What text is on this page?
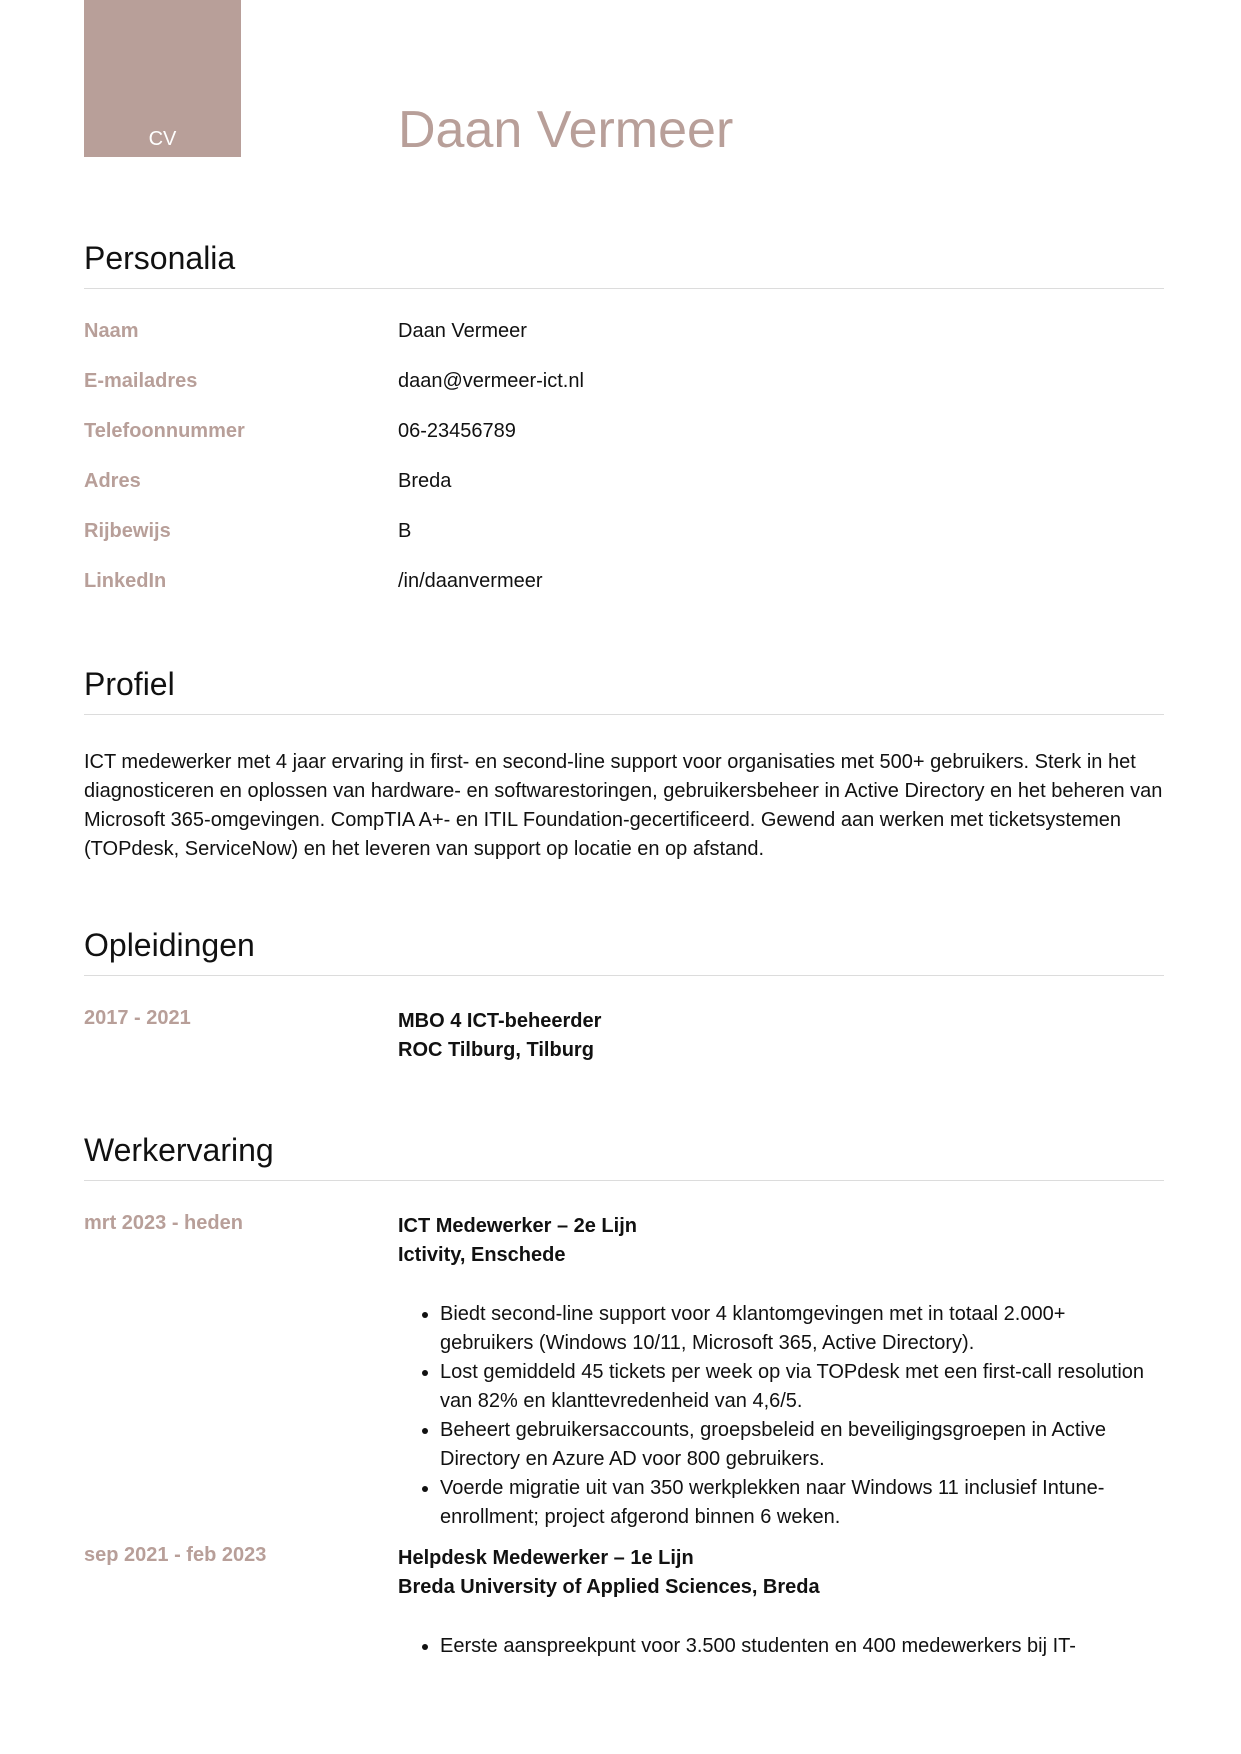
CV	Daan Vermeer
Personalia
Naam	Daan Vermeer
E-mailadres	daan@vermeer-ict.nl
Telefoonnummer	06-23456789
Adres	Breda
Rijbewijs	B
LinkedIn	/in/daanvermeer
Profiel

ICT medewerker met 4 jaar ervaring in first- en second-line support voor organisaties met 500+ gebruikers. Sterk in het diagnosticeren en oplossen van hardware- en softwarestoringen, gebruikersbeheer in Active Directory en het beheren van Microsoft 365-omgevingen. CompTIA A+- en ITIL Foundation-gecertificeerd. Gewend aan werken met ticketsystemen (TOPdesk, ServiceNow) en het leveren van support op locatie en op afstand.

Opleidingen
2017 - 2021	MBO 4 ICT-beheerder
ROC Tilburg, Tilburg
Werkervaring
mrt 2023 - heden	ICT Medewerker – 2e Lijn
Ictivity, Enschede
• Biedt second-line support voor 4 klantomgevingen met in totaal 2.000+ gebruikers (Windows 10/11, Microsoft 365, Active Directory).
• Lost gemiddeld 45 tickets per week op via TOPdesk met een first-call resolution van 82% en klanttevredenheid van 4,6/5.
• Beheert gebruikersaccounts, groepsbeleid en beveiligingsgroepen in Active Directory en Azure AD voor 800 gebruikers.
• Voerde migratie uit van 350 werkplekken naar Windows 11 inclusief Intune-enrollment; project afgerond binnen 6 weken.
sep 2021 - feb 2023	Helpdesk Medewerker – 1e Lijn
Breda University of Applied Sciences, Breda
• Eerste aanspreekpunt voor 3.500 studenten en 400 medewerkers bij IT-
